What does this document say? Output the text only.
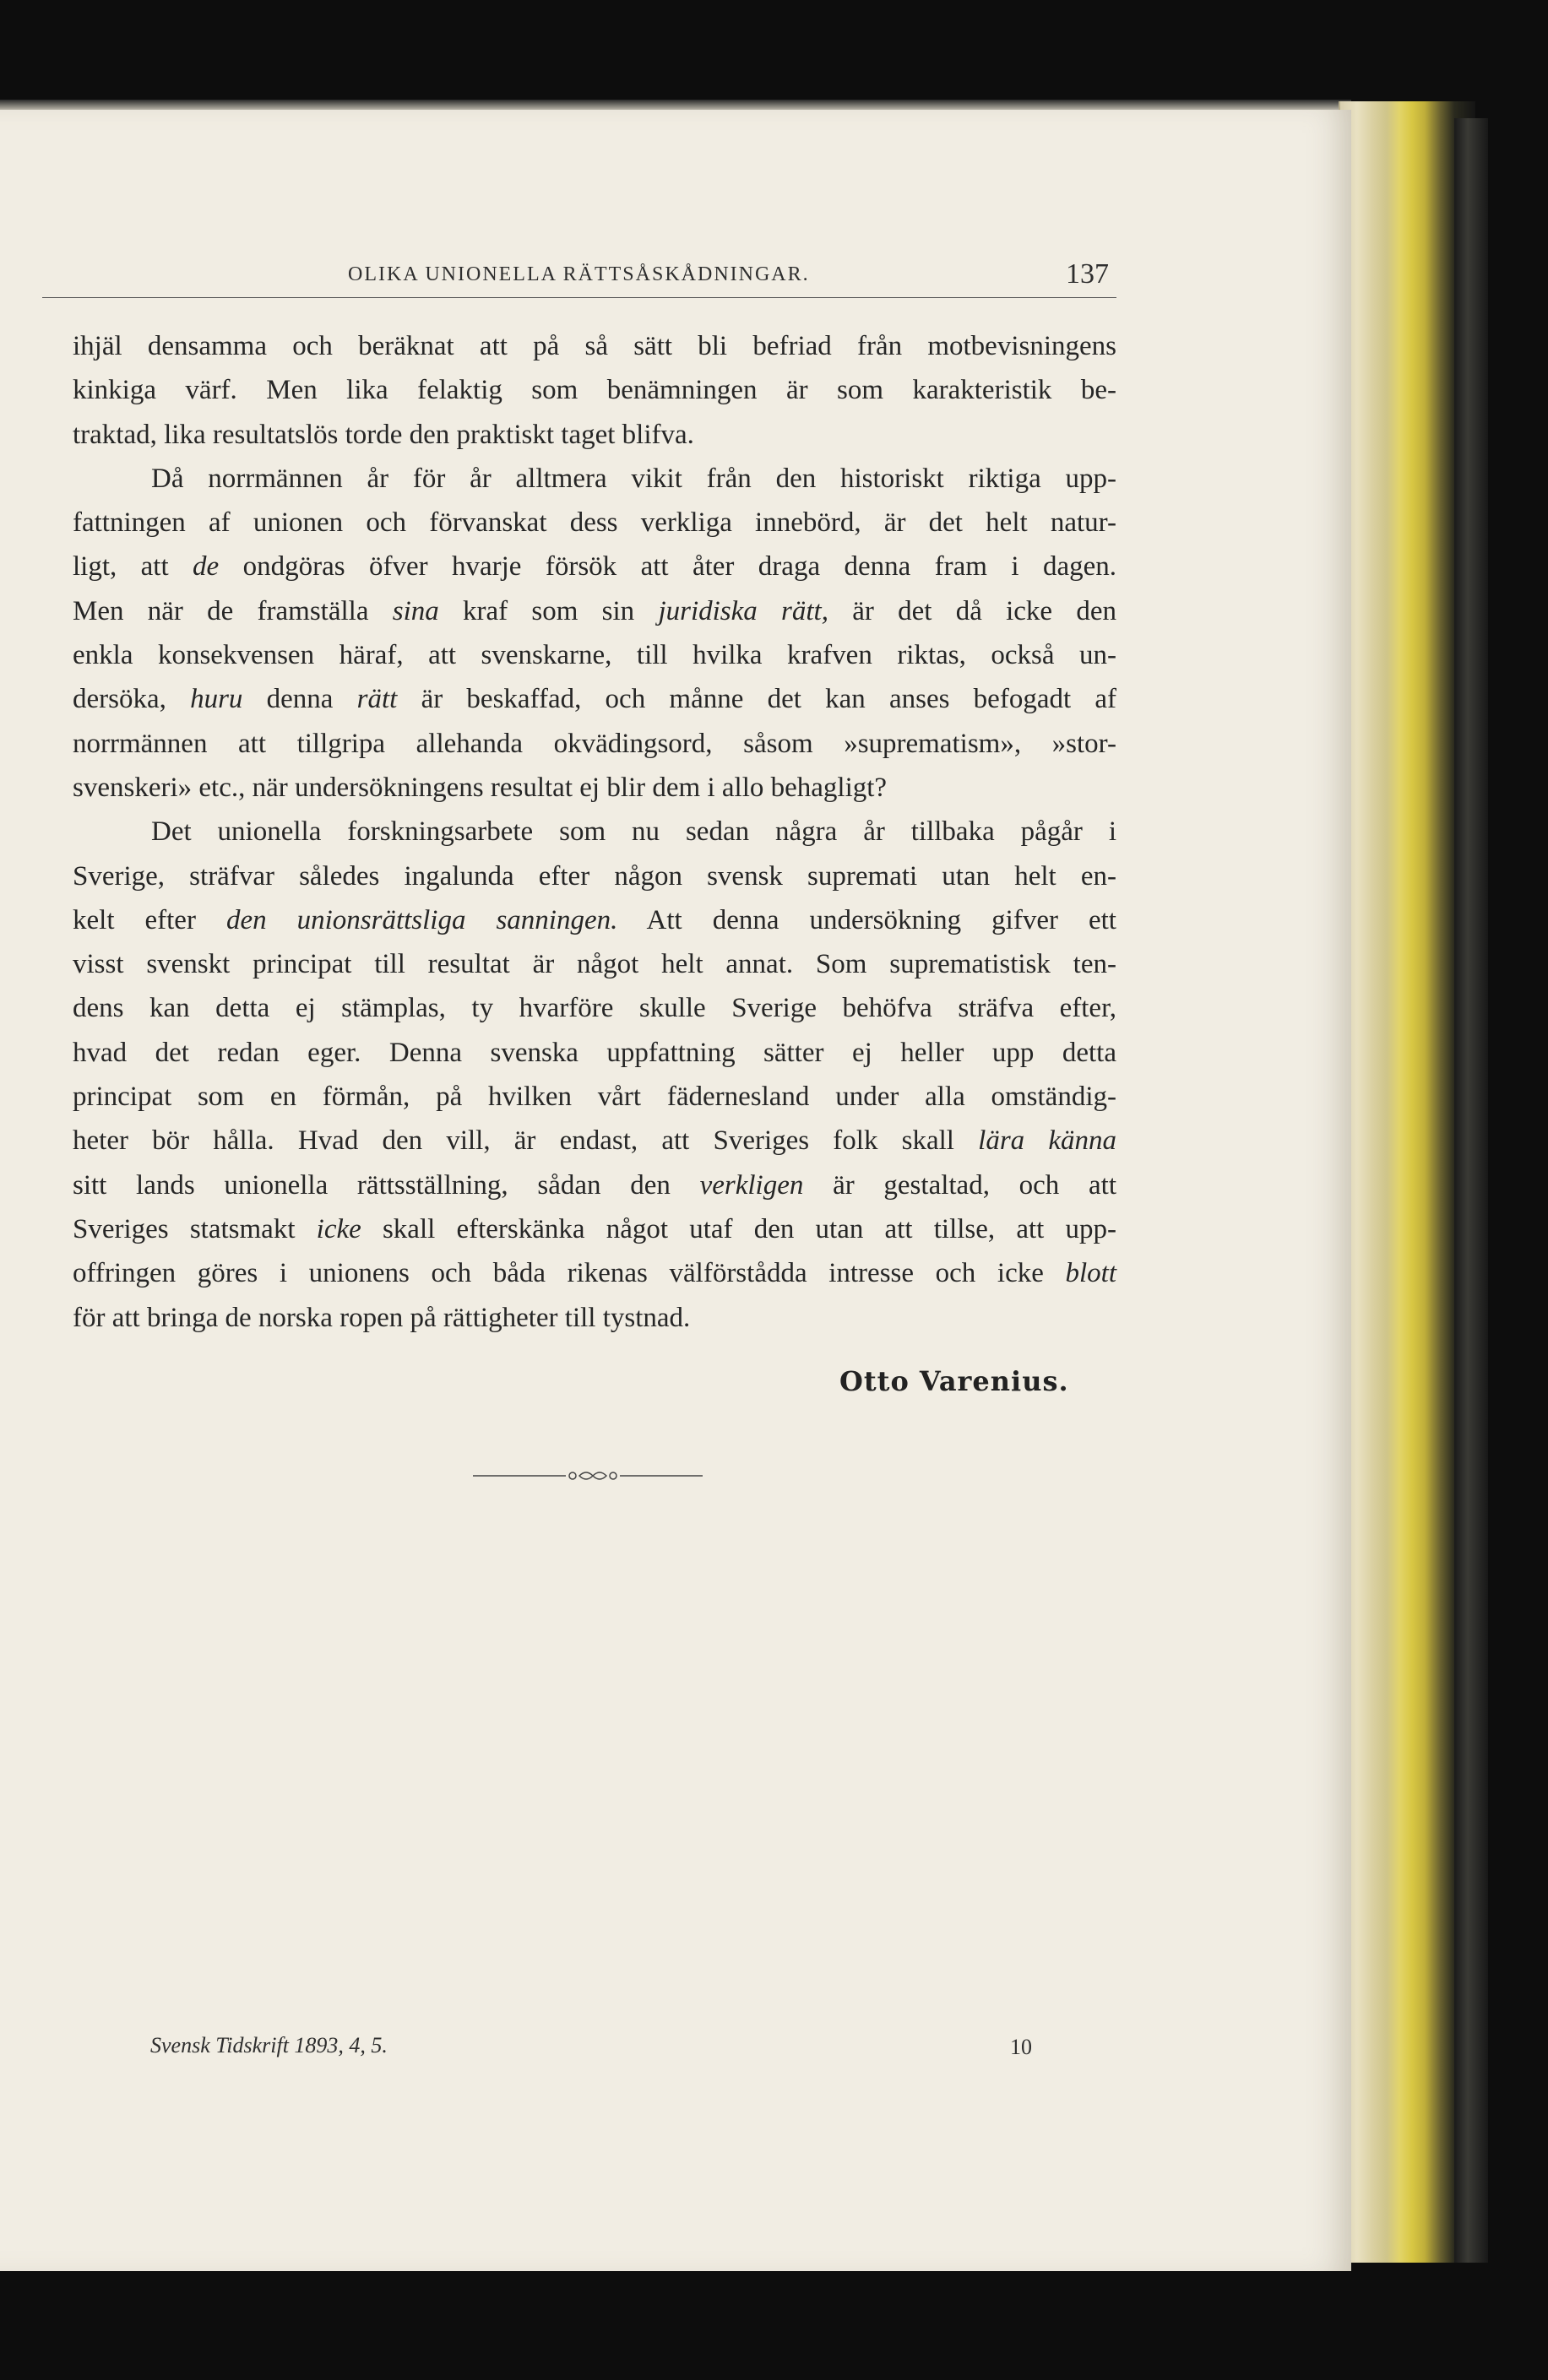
OLIKA UNIONELLA RÄTTSÅSKÅDNINGAR.	137
ihjäl densamma och beräknat att på så sätt bli befriad från motbevisningens
kinkiga värf. Men lika felaktig som benämningen är som karakteristik be-
traktad, lika resultatslös torde den praktiskt taget blifva.
Då norrmännen år för år alltmera vikit från den historiskt riktiga upp-
fattningen af unionen och förvanskat dess verkliga innebörd, är det helt natur-
ligt, att de ondgöras öfver hvarje försök att åter draga denna fram i dagen.
Men när de framställa sina kraf som sin juridiska rätt, är det då icke den
enkla konsekvensen häraf, att svenskarne, till hvilka krafven riktas, också un-
dersöka, huru denna rätt är beskaffad, och månne det kan anses befogadt af
norrmännen att tillgripa allehanda okvädingsord, såsom »suprematism», »stor-
svenskeri» etc., när undersökningens resultat ej blir dem i allo behagligt?
Det unionella forskningsarbete som nu sedan några år tillbaka pågår i
Sverige, sträfvar således ingalunda efter någon svensk supremati utan helt en-
kelt efter den unionsrättsliga sanningen. Att denna undersökning gifver ett
visst svenskt principat till resultat är något helt annat. Som suprematistisk ten-
dens kan detta ej stämplas, ty hvarföre skulle Sverige behöfva sträfva efter,
hvad det redan eger. Denna svenska uppfattning sätter ej heller upp detta
principat som en förmån, på hvilken vårt fädernesland under alla omständig-
heter bör hålla. Hvad den vill, är endast, att Sveriges folk skall lära känna
sitt lands unionella rättsställning, sådan den verkligen är gestaltad, och att
Sveriges statsmakt icke skall efterskänka något utaf den utan att tillse, att upp-
offringen göres i unionens och båda rikenas välförstådda intresse och icke blott
för att bringa de norska ropen på rättigheter till tystnad.
Otto Varenius.
Svensk Tidskrift 1893, 4, 5.	10
